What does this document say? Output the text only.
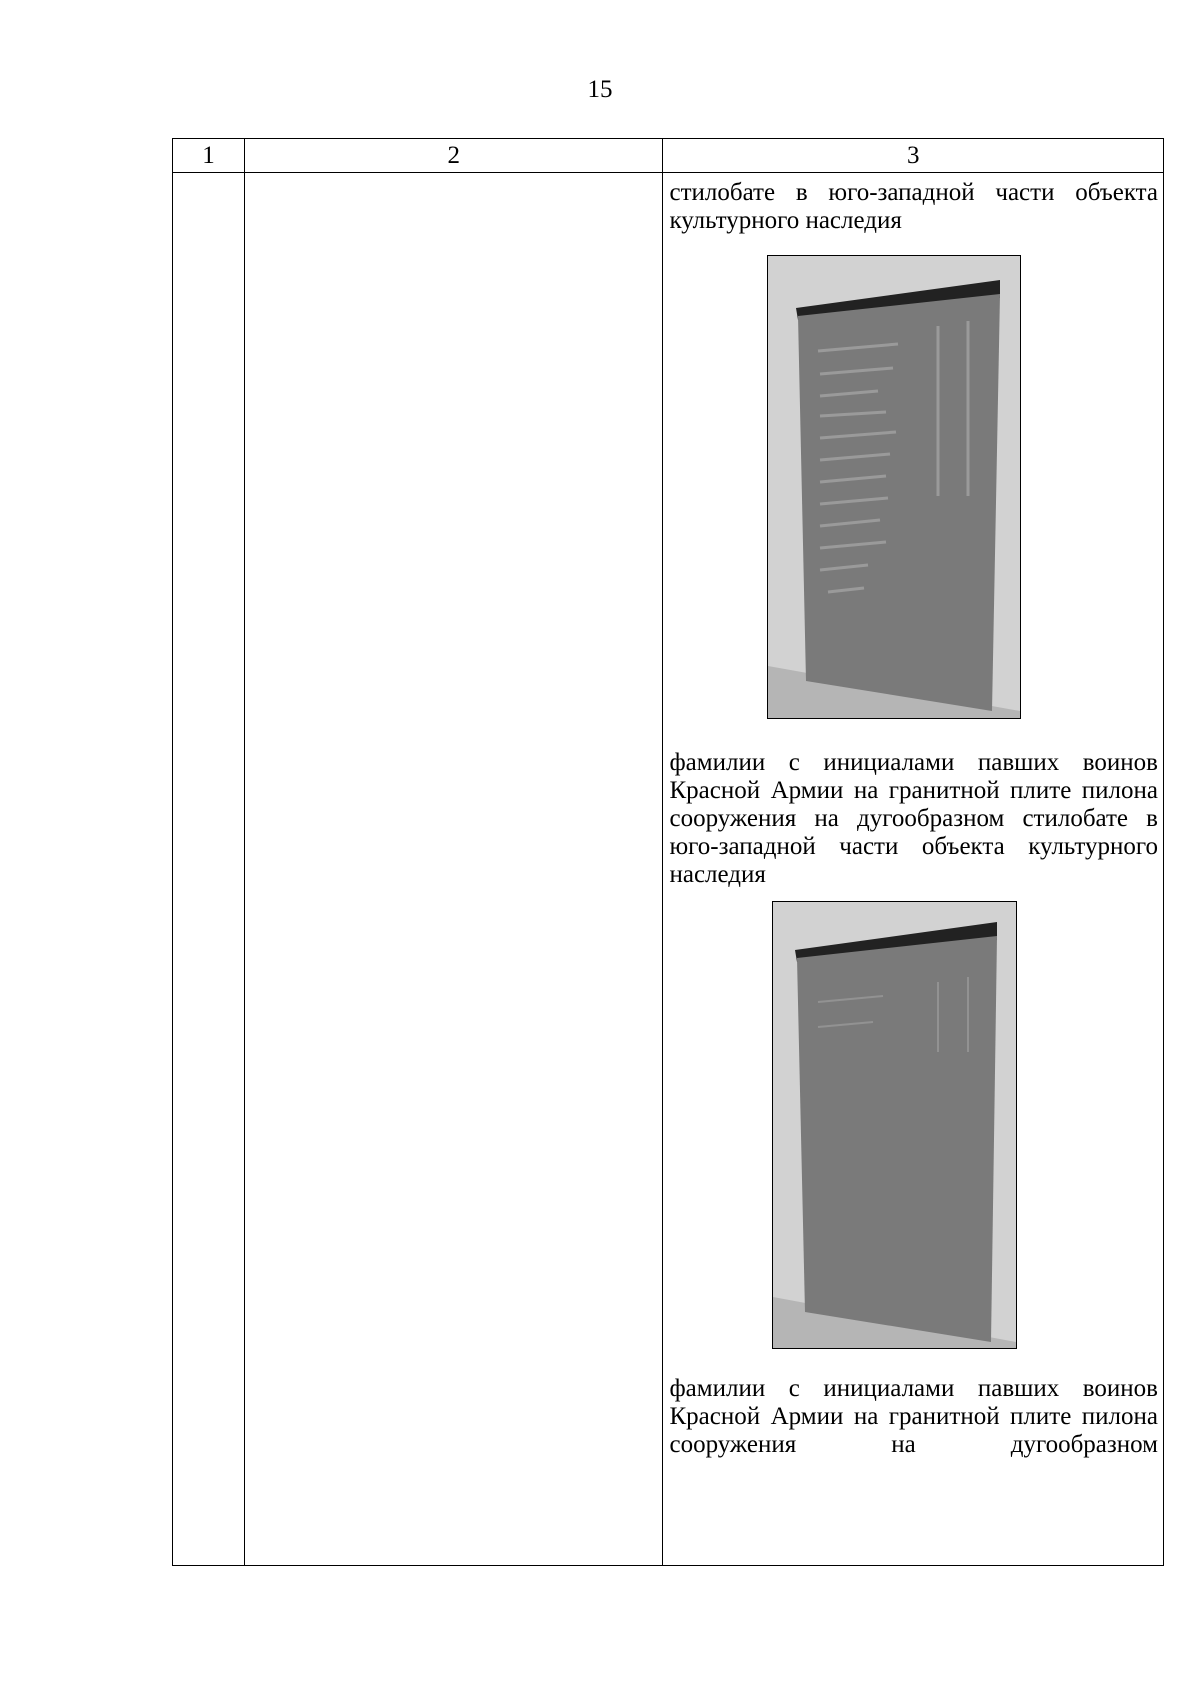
15
1	2	3

		стилобате в юго-западной части объекта культурного наследия

фамилии с инициалами павших воинов Красной Армии на гранитной плите пилона сооружения на дугообразном стилобате в юго-западной части объекта культурного наследия

фамилии с инициалами павших воинов Красной Армии на гранитной плите пилона сооружения на дугообразном
